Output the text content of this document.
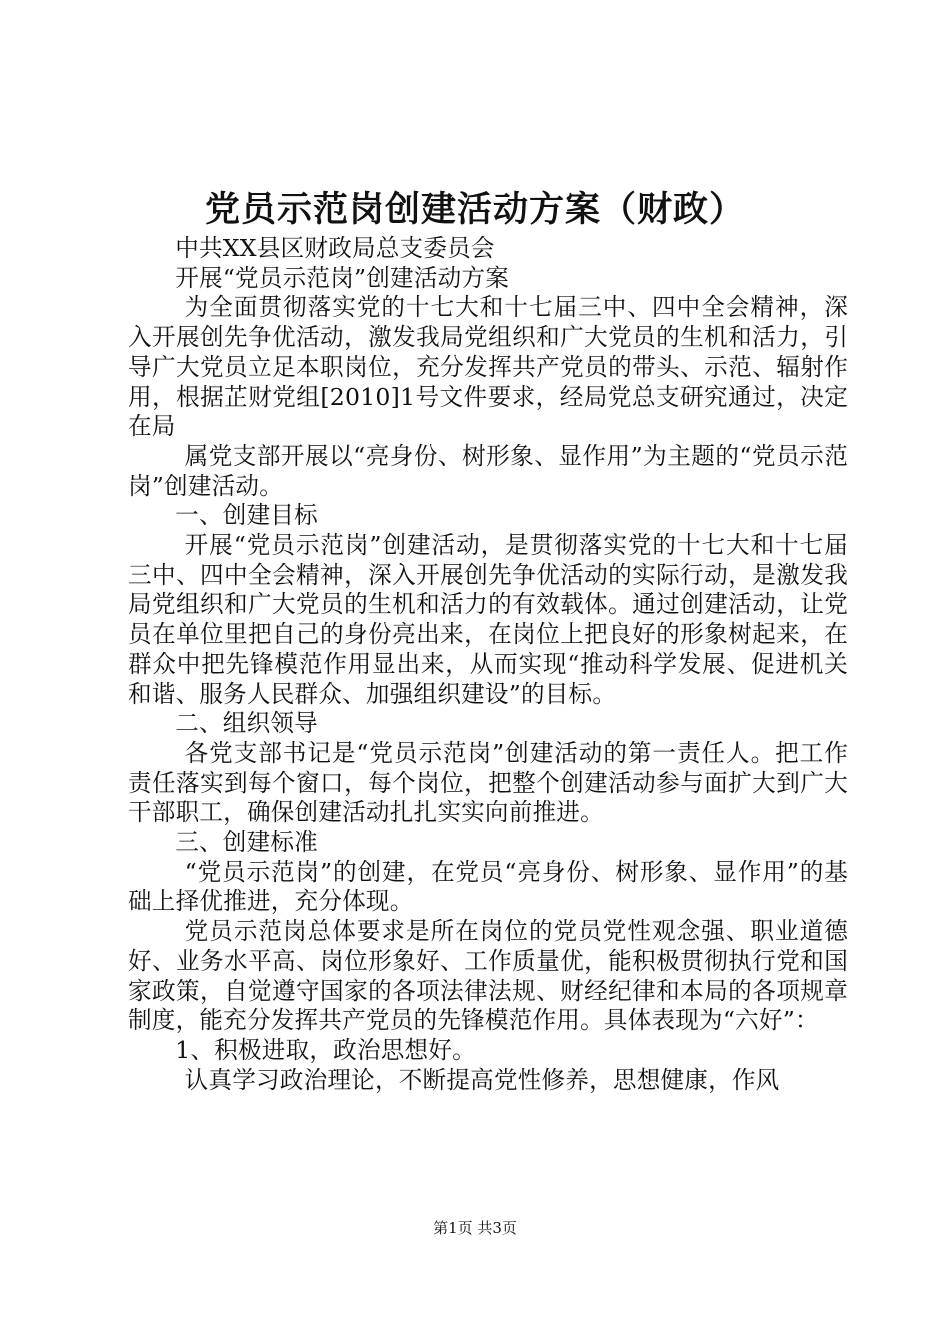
党员示范岗创建活动方案（财政）

中共XX县区财政局总支委员会

开展“党员示范岗”创建活动方案

为全面贯彻落实党的十七大和十七届三中、四中全会精神，深入开展创先争优活动，激发我局党组织和广大党员的生机和活力，引导广大党员立足本职岗位，充分发挥共产党员的带头、示范、辐射作用，根据芷财党组[2010]1号文件要求，经局党总支研究通过，决定在局

属党支部开展以“亮身份、树形象、显作用”为主题的“党员示范岗”创建活动。

一、创建目标

开展“党员示范岗”创建活动，是贯彻落实党的十七大和十七届三中、四中全会精神，深入开展创先争优活动的实际行动，是激发我局党组织和广大党员的生机和活力的有效载体。通过创建活动，让党员在单位里把自己的身份亮出来，在岗位上把良好的形象树起来，在群众中把先锋模范作用显出来，从而实现“推动科学发展、促进机关和谐、服务人民群众、加强组织建设”的目标。

二、组织领导

各党支部书记是“党员示范岗”创建活动的第一责任人。把工作责任落实到每个窗口，每个岗位，把整个创建活动参与面扩大到广大干部职工，确保创建活动扎扎实实向前推进。

三、创建标准

“党员示范岗”的创建，在党员“亮身份、树形象、显作用”的基础上择优推进，充分体现。

党员示范岗总体要求是所在岗位的党员党性观念强、职业道德好、业务水平高、岗位形象好、工作质量优，能积极贯彻执行党和国家政策，自觉遵守国家的各项法律法规、财经纪律和本局的各项规章制度，能充分发挥共产党员的先锋模范作用。具体表现为“六好”：

1、积极进取，政治思想好。

认真学习政治理论，不断提高党性修养，思想健康，作风

第1页 共3页
